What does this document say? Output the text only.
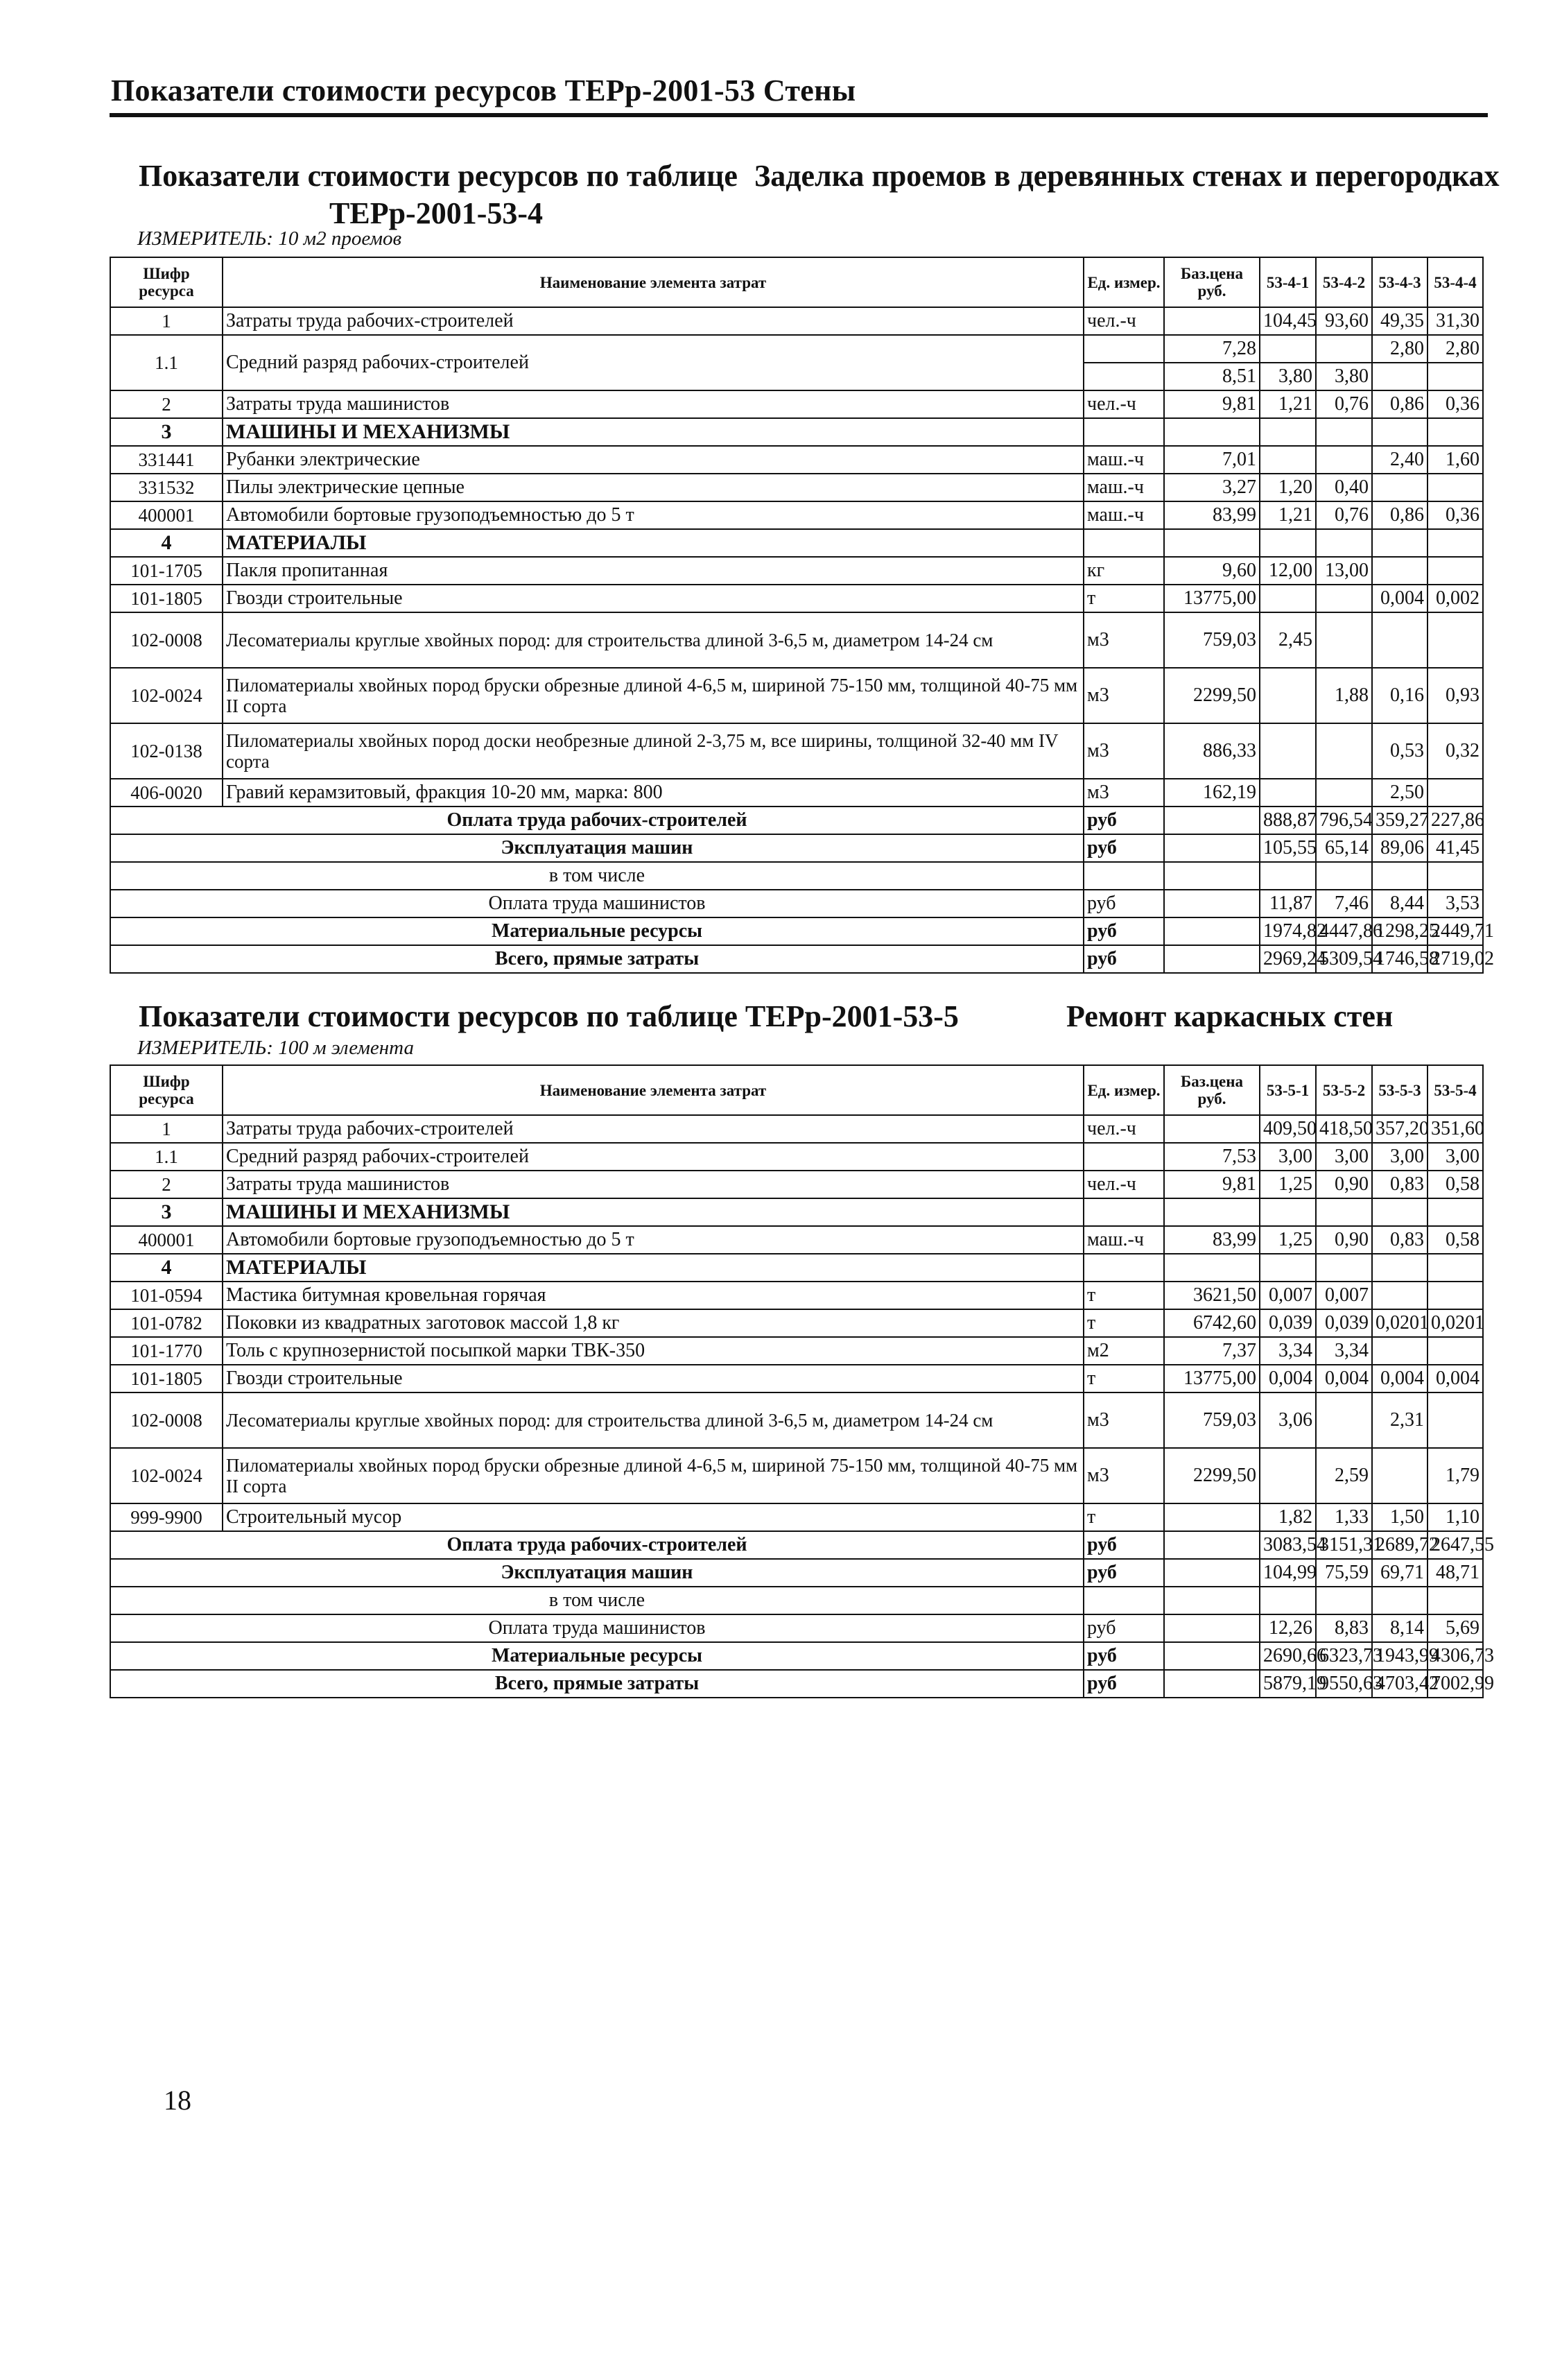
Показатели стоимости ресурсов ТЕРр-2001-53 Стены
Показатели стоимости ресурсов по таблице
ТЕРр-2001-53-4
Заделка проемов в деревянных стенах и перегородках
ИЗМЕРИТЕЛЬ: 10 м2 проемов
Шифр ресурса	Наименование элемента затрат	Ед. измер.	Баз.цена руб.	53-4-1	53-4-2	53-4-3	53-4-4
1	Затраты труда рабочих-строителей	чел.-ч		104,45	93,60	49,35	31,30
1.1	Средний разряд рабочих-строителей		7,28			2,80	2,80
			8,51	3,80	3,80		
2	Затраты труда машинистов	чел.-ч	9,81	1,21	0,76	0,86	0,36
3	МАШИНЫ И МЕХАНИЗМЫ						
331441	Рубанки электрические	маш.-ч	7,01			2,40	1,60
331532	Пилы электрические цепные	маш.-ч	3,27	1,20	0,40		
400001	Автомобили бортовые грузоподъемностью до 5 т	маш.-ч	83,99	1,21	0,76	0,86	0,36
4	МАТЕРИАЛЫ						
101-1705	Пакля пропитанная	кг	9,60	12,00	13,00		
101-1805	Гвозди строительные	т	13775,00			0,004	0,002
102-0008	Лесоматериалы круглые хвойных пород: для строительства длиной 3-6,5 м, диаметром 14-24 см	м3	759,03	2,45			
102-0024	Пиломатериалы хвойных пород бруски обрезные длиной 4-6,5 м, шириной 75-150 мм, толщиной 40-75 мм II сорта	м3	2299,50		1,88	0,16	0,93
102-0138	Пиломатериалы хвойных пород доски необрезные длиной 2-3,75 м, все ширины, толщиной 32-40 мм IV сорта	м3	886,33			0,53	0,32
406-0020	Гравий керамзитовый, фракция 10-20 мм, марка: 800	м3	162,19			2,50	
Оплата труда рабочих-строителей		руб		888,87	796,54	359,27	227,86
Эксплуатация машин		руб		105,55	65,14	89,06	41,45
в том числе							
Оплата труда машинистов		руб		11,87	7,46	8,44	3,53
Материальные ресурсы		руб		1974,82	4447,86	1298,25	2449,71
Всего, прямые затраты		руб		2969,24	5309,54	1746,58	2719,02
Показатели стоимости ресурсов по таблице ТЕРр-2001-53-5	Ремонт каркасных стен
ИЗМЕРИТЕЛЬ: 100 м элемента
Шифр ресурса	Наименование элемента затрат	Ед. измер.	Баз.цена руб.	53-5-1	53-5-2	53-5-3	53-5-4
1	Затраты труда рабочих-строителей	чел.-ч		409,50	418,50	357,20	351,60
1.1	Средний разряд рабочих-строителей		7,53	3,00	3,00	3,00	3,00
2	Затраты труда машинистов	чел.-ч	9,81	1,25	0,90	0,83	0,58
3	МАШИНЫ И МЕХАНИЗМЫ						
400001	Автомобили бортовые грузоподъемностью до 5 т	маш.-ч	83,99	1,25	0,90	0,83	0,58
4	МАТЕРИАЛЫ						
101-0594	Мастика битумная кровельная горячая	т	3621,50	0,007	0,007		
101-0782	Поковки из квадратных заготовок массой 1,8 кг	т	6742,60	0,039	0,039	0,0201	0,0201
101-1770	Толь с крупнозернистой посыпкой марки ТВК-350	м2	7,37	3,34	3,34		
101-1805	Гвозди строительные	т	13775,00	0,004	0,004	0,004	0,004
102-0008	Лесоматериалы круглые хвойных пород: для строительства длиной 3-6,5 м, диаметром 14-24 см	м3	759,03	3,06		2,31	
102-0024	Пиломатериалы хвойных пород бруски обрезные длиной 4-6,5 м, шириной 75-150 мм, толщиной 40-75 мм II сорта	м3	2299,50		2,59		1,79
999-9900	Строительный мусор	т		1,82	1,33	1,50	1,10
Оплата труда рабочих-строителей		руб		3083,54	3151,31	2689,72	2647,55
Эксплуатация машин		руб		104,99	75,59	69,71	48,71
в том числе							
Оплата труда машинистов		руб		12,26	8,83	8,14	5,69
Материальные ресурсы		руб		2690,66	6323,73	1943,99	4306,73
Всего, прямые затраты		руб		5879,19	9550,63	4703,42	7002,99
18
